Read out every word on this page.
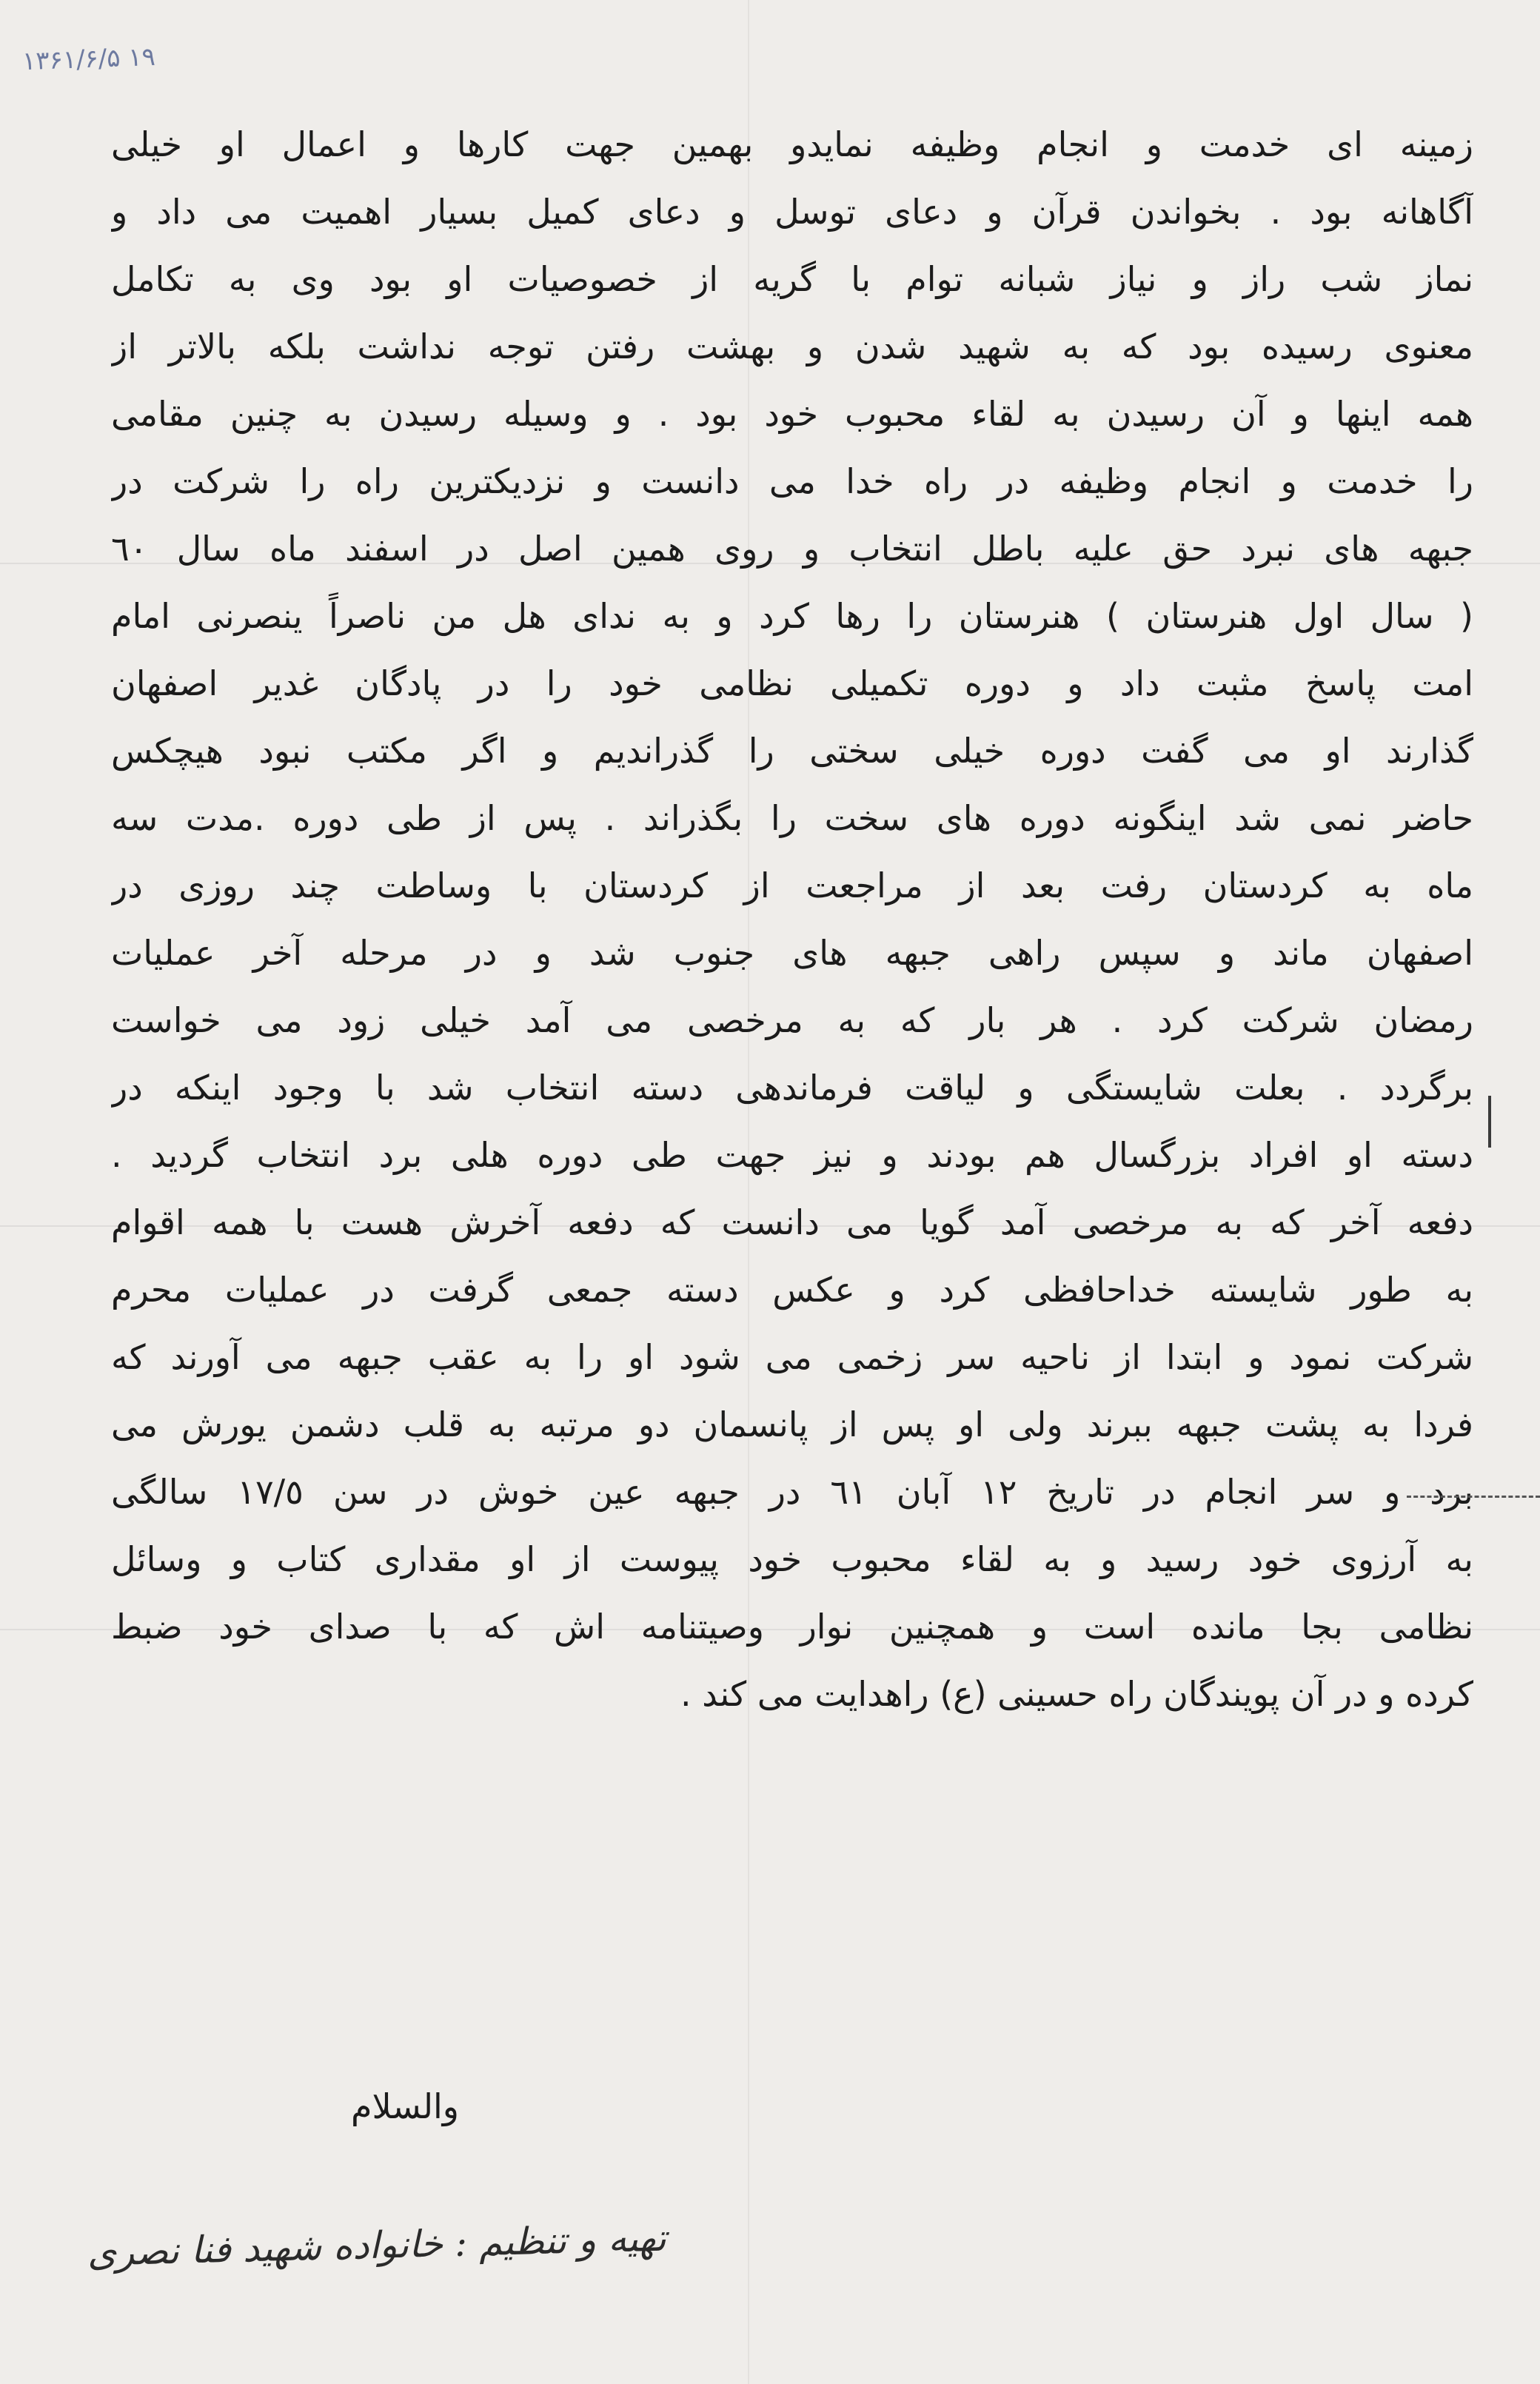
۱۳۶۱/۶/۵ ۱۹
زمینه ای خدمت و انجام وظیفه نمایدو بهمین جهت کارها و اعمال او خیلی
آگاهانه بود . بخواندن قرآن و دعای توسل و دعای کمیل بسیار اهمیت می داد و
نماز شب راز و نیاز شبانه توام با گریه از خصوصیات او بود وی به تکامل
معنوی رسیده بود که به شهید شدن و بهشت رفتن توجه نداشت بلکه بالاتر از
همه اینها و آن رسیدن به لقاء محبوب خود بود . و وسیله رسیدن به چنین مقامی
را خدمت و انجام وظیفه در راه خدا می دانست و نزدیکترین راه را شرکت در
جبهه های نبرد حق علیه باطل انتخاب و روی همین اصل در اسفند ماه سال ٦٠
( سال اول هنرستان ) هنرستان را رها کرد و به ندای هل من ناصراً ینصرنی امام
امت پاسخ مثبت داد و دوره تکمیلی نظامی خود را در پادگان غدیر اصفهان
گذارند او می گفت دوره خیلی سختی را گذراندیم و اگر مکتب نبود هیچکس
حاضر نمی شد اینگونه دوره های سخت را بگذراند . پس از طی دوره .مدت سه
ماه به کردستان رفت بعد از مراجعت از کردستان با وساطت چند روزی در
اصفهان ماند و سپس راهی جبهه های جنوب شد و در مرحله آخر عملیات
رمضان شرکت کرد . هر بار که به مرخصی می آمد خیلی زود می خواست
برگردد . بعلت شایستگی و لیاقت فرماندهی دسته انتخاب شد با وجود اینکه در
دسته او افراد بزرگسال هم بودند و نیز جهت طی دوره هلی برد انتخاب گردید .
دفعه آخر که به مرخصی آمد گویا می دانست که دفعه آخرش هست با همه اقوام
به طور شایسته خداحافظی کرد و عکس دسته جمعی گرفت در عملیات محرم
شرکت نمود و ابتدا از ناحیه سر زخمی می شود او را به عقب جبهه می آورند که
فردا به پشت جبهه ببرند ولی او پس از پانسمان دو مرتبه به قلب دشمن یورش می
برد و سر انجام در تاریخ ١٢ آبان ٦١ در جبهه عین خوش در سن ١٧/٥ سالگی
به آرزوی خود رسید و به لقاء محبوب خود پیوست از او مقداری کتاب و وسائل
نظامی بجا مانده است و همچنین نوار وصیتنامه اش که با صدای خود ضبط
کرده و در آن پویندگان راه حسینی (ع) راهدایت می کند .
والسلام
تهیه و تنظیم : خانواده شهید فنا نصری
